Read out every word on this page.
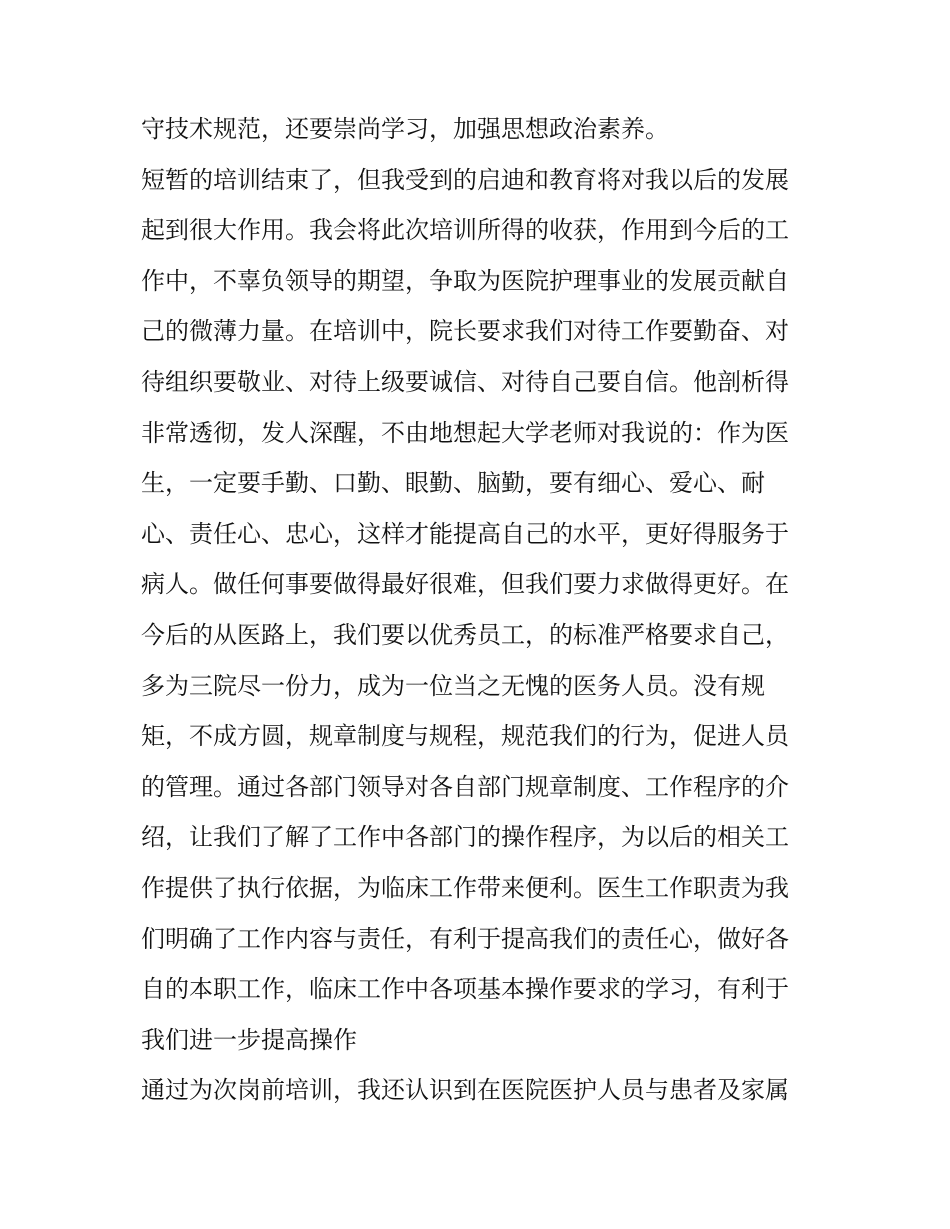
守技术规范，还要崇尚学习，加强思想政治素养。
短暂的培训结束了，但我受到的启迪和教育将对我以后的发展
起到很大作用。我会将此次培训所得的收获，作用到今后的工
作中，不辜负领导的期望，争取为医院护理事业的发展贡献自
己的微薄力量。在培训中，院长要求我们对待工作要勤奋、对
待组织要敬业、对待上级要诚信、对待自己要自信。他剖析得
非常透彻，发人深醒，不由地想起大学老师对我说的：作为医
生，一定要手勤、口勤、眼勤、脑勤，要有细心、爱心、耐
心、责任心、忠心，这样才能提高自己的水平，更好得服务于
病人。做任何事要做得最好很难，但我们要力求做得更好。在
今后的从医路上，我们要以优秀员工，的标准严格要求自己，
多为三院尽一份力，成为一位当之无愧的医务人员。没有规
矩，不成方圆，规章制度与规程，规范我们的行为，促进人员
的管理。通过各部门领导对各自部门规章制度、工作程序的介
绍，让我们了解了工作中各部门的操作程序，为以后的相关工
作提供了执行依据，为临床工作带来便利。医生工作职责为我
们明确了工作内容与责任，有利于提高我们的责任心，做好各
自的本职工作，临床工作中各项基本操作要求的学习，有利于
我们进一步提高操作
通过为次岗前培训，我还认识到在医院医护人员与患者及家属
